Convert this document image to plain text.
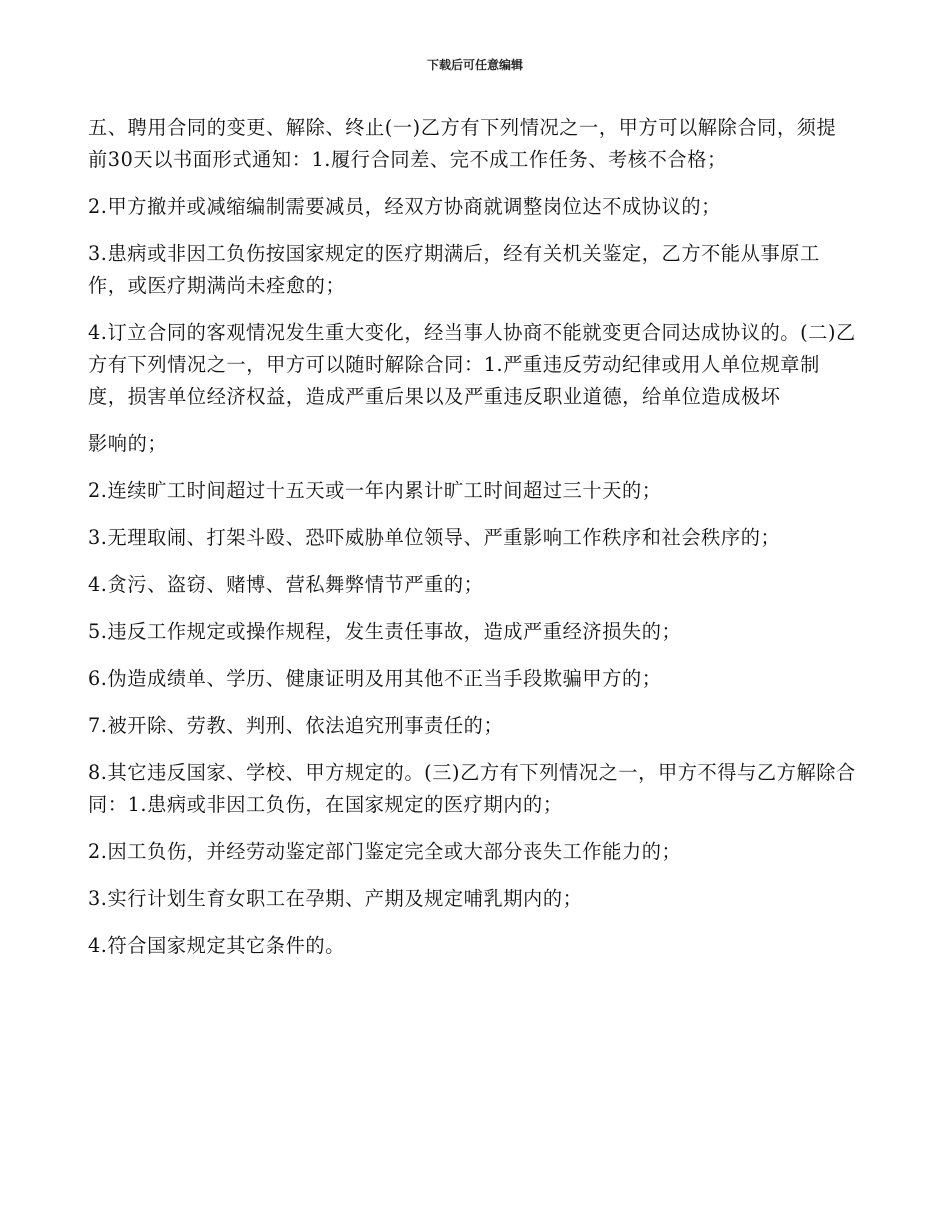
下载后可任意编辑

五、聘用合同的变更、解除、终止(一)乙方有下列情况之一，甲方可以解除合同，须提前30天以书面形式通知：1.履行合同差、完不成工作任务、考核不合格；

2.甲方撤并或减缩编制需要减员，经双方协商就调整岗位达不成协议的；

3.患病或非因工负伤按国家规定的医疗期满后，经有关机关鉴定，乙方不能从事原工作，或医疗期满尚未痊愈的；

4.订立合同的客观情况发生重大变化，经当事人协商不能就变更合同达成协议的。(二)乙方有下列情况之一，甲方可以随时解除合同：1.严重违反劳动纪律或用人单位规章制度，损害单位经济权益，造成严重后果以及严重违反职业道德，给单位造成极坏

影响的；

2.连续旷工时间超过十五天或一年内累计旷工时间超过三十天的；

3.无理取闹、打架斗殴、恐吓威胁单位领导、严重影响工作秩序和社会秩序的；

4.贪污、盗窃、赌博、营私舞弊情节严重的；

5.违反工作规定或操作规程，发生责任事故，造成严重经济损失的；

6.伪造成绩单、学历、健康证明及用其他不正当手段欺骗甲方的；

7.被开除、劳教、判刑、依法追究刑事责任的；

8.其它违反国家、学校、甲方规定的。(三)乙方有下列情况之一，甲方不得与乙方解除合同：1.患病或非因工负伤，在国家规定的医疗期内的；

2.因工负伤，并经劳动鉴定部门鉴定完全或大部分丧失工作能力的；

3.实行计划生育女职工在孕期、产期及规定哺乳期内的；

4.符合国家规定其它条件的。
